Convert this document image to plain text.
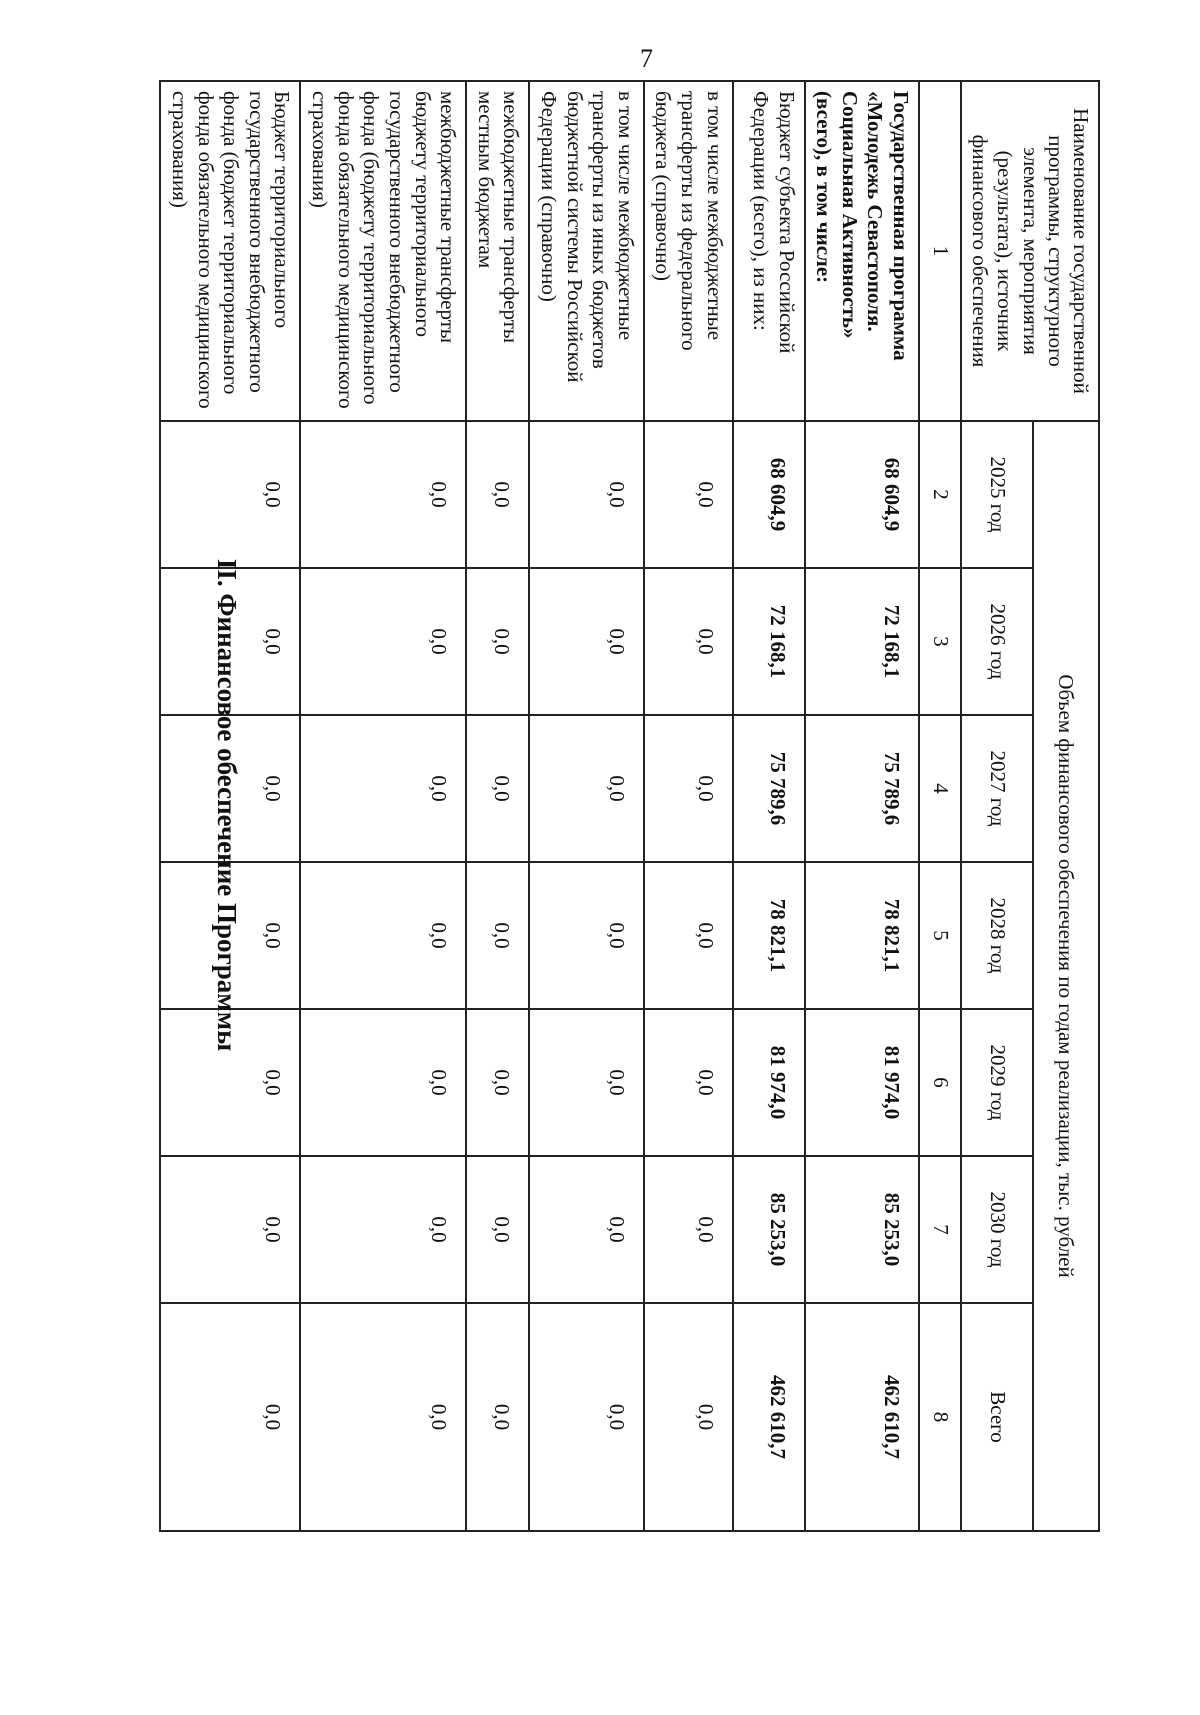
7
Наименование государственной программы, структурного элемента, мероприятия (результата), источник финансового обеспечения	Объем финансового обеспечения по годам реализации, тыс. рублей						
	2025 год	2026 год	2027 год	2028 год	2029 год	2030 год	Всего
1	2	3	4	5	6	7	8
Государственная программа «Молодежь Севастополя. Социальная Активность» (всего), в том числе:	68 604,9	72 168,1	75 789,6	78 821,1	81 974,0	85 253,0	462 610,7
Бюджет субъекта Российской Федерации (всего), из них:	68 604,9	72 168,1	75 789,6	78 821,1	81 974,0	85 253,0	462 610,7
в том числе межбюджетные трансферты из федерального бюджета (справочно)	0,0	0,0	0,0	0,0	0,0	0,0	0,0
в том числе межбюджетные трансферты из иных бюджетов бюджетной системы Российской Федерации (справочно)	0,0	0,0	0,0	0,0	0,0	0,0	0,0
межбюджетные трансферты местным бюджетам	0,0	0,0	0,0	0,0	0,0	0,0	0,0
межбюджетные трансферты бюджету территориального государственного внебюджетного фонда (бюджету территориального фонда обязательного медицинского страхования)	0,0	0,0	0,0	0,0	0,0	0,0	0,0
Бюджет территориального государственного внебюджетного фонда (бюджет территориального фонда обязательного медицинского страхования)	0,0	0,0	0,0	0,0	0,0	0,0	0,0
II. Финансовое обеспечение Программы
